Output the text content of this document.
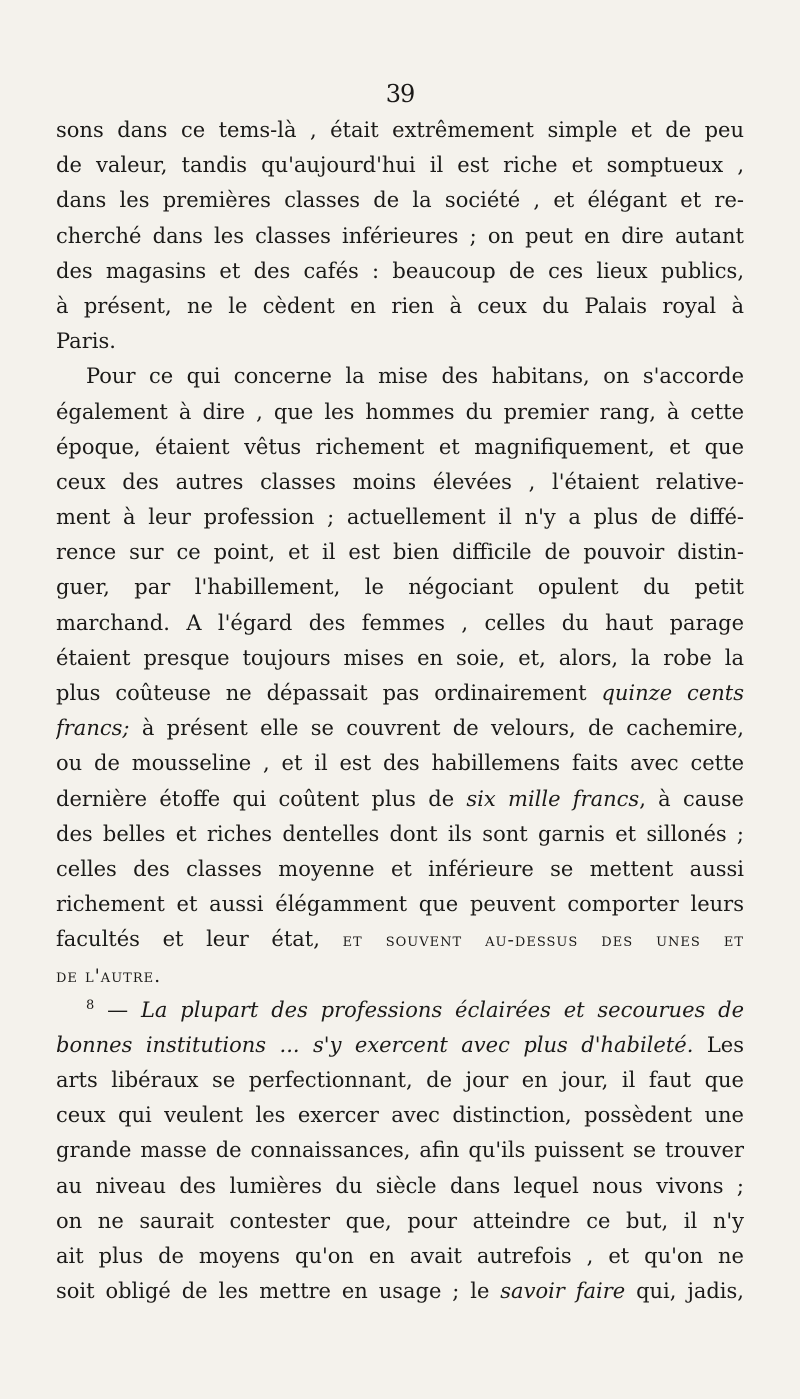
39
sons dans ce tems-là , était extrêmement simple et de peu
de valeur, tandis qu'aujourd'hui il est riche et somptueux ,
dans les premières classes de la société , et élégant et re-
cherché dans les classes inférieures ; on peut en dire autant
des magasins et des cafés : beaucoup de ces lieux publics,
à présent, ne le cèdent en rien à ceux du Palais royal à
Paris.
Pour ce qui concerne la mise des habitans, on s'accorde
également à dire , que les hommes du premier rang, à cette
époque, étaient vêtus richement et magnifiquement, et que
ceux des autres classes moins élevées , l'étaient relative-
ment à leur profession ; actuellement il n'y a plus de diffé-
rence sur ce point, et il est bien difficile de pouvoir distin-
guer, par l'habillement, le négociant opulent du petit
marchand. A l'égard des femmes , celles du haut parage
étaient presque toujours mises en soie, et, alors, la robe la
plus coûteuse ne dépassait pas ordinairement quinze cents
francs; à présent elle se couvrent de velours, de cachemire,
ou de mousseline , et il est des habillemens faits avec cette
dernière étoffe qui coûtent plus de six mille francs, à cause
des belles et riches dentelles dont ils sont garnis et sillonés ;
celles des classes moyenne et inférieure se mettent aussi
richement et aussi élégamment que peuvent comporter leurs
facultés et leur état, et souvent au-dessus des unes et
de l'autre.
$^8$ — La plupart des professions éclairées et secourues de
bonnes institutions ... s'y exercent avec plus d'habileté. Les
arts libéraux se perfectionnant, de jour en jour, il faut que
ceux qui veulent les exercer avec distinction, possèdent une
grande masse de connaissances, afin qu'ils puissent se trouver
au niveau des lumières du siècle dans lequel nous vivons ;
on ne saurait contester que, pour atteindre ce but, il n'y
ait plus de moyens qu'on en avait autrefois , et qu'on ne
soit obligé de les mettre en usage ; le savoir faire qui, jadis,
